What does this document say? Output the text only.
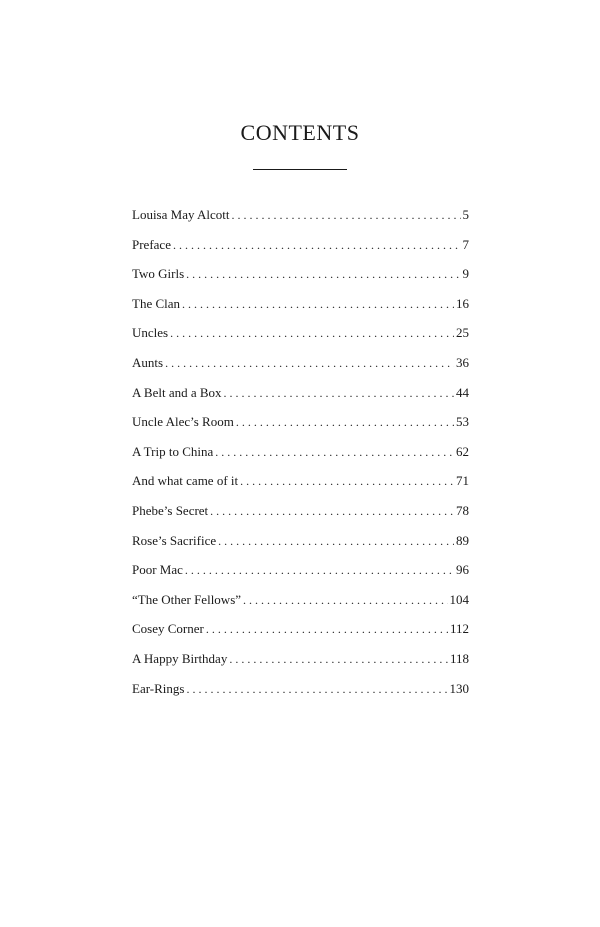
CONTENTS
Louisa May Alcott . . .	5
Preface . . .	7
Two Girls . . .	9
The Clan . . .	16
Uncles . . .	25
Aunts . . .	36
A Belt and a Box . . .	44
Uncle Alec’s Room . . .	53
A Trip to China . . .	62
And what came of it . . .	71
Phebe’s Secret . . .	78
Rose’s Sacrifice . . .	89
Poor Mac . . .	96
“The Other Fellows” . . .	104
Cosey Corner . . .	112
A Happy Birthday . . .	118
Ear-Rings . . .	130
